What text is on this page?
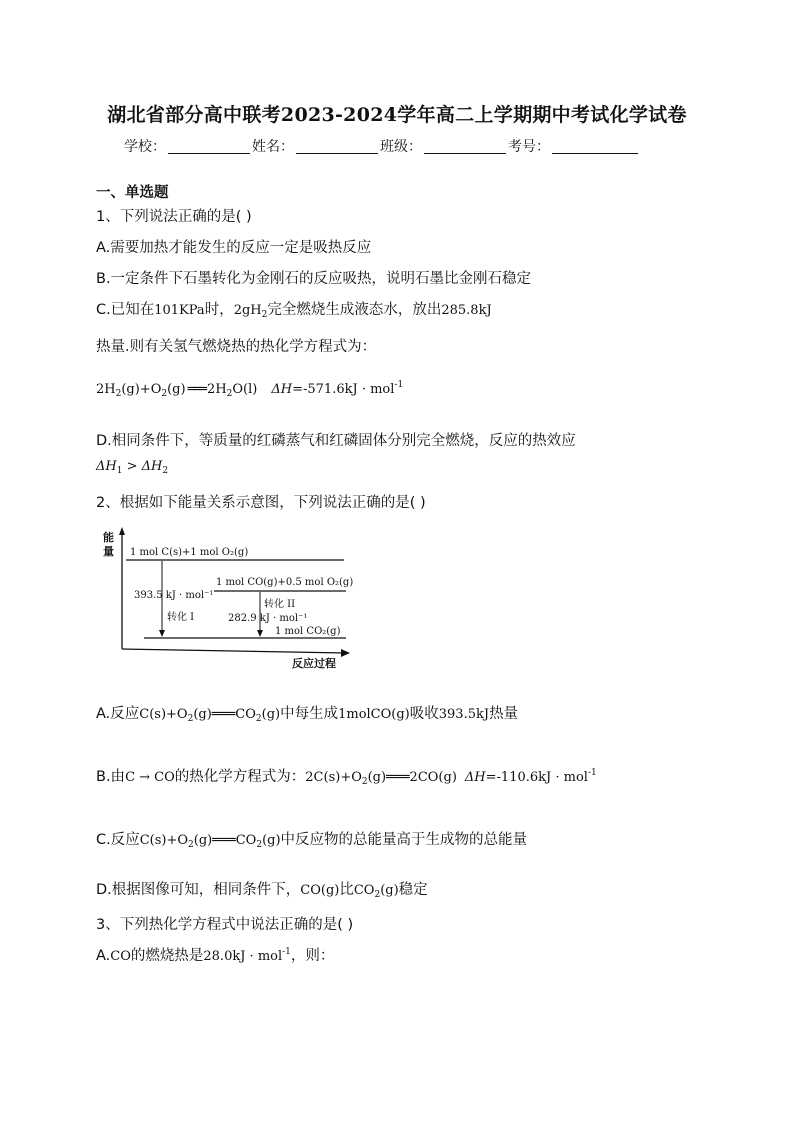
湖北省部分高中联考2023-2024学年高二上学期期中考试化学试卷
学校：	姓名：	班级：	考号：
一、单选题
1、下列说法正确的是( )
A.需要加热才能发生的反应一定是吸热反应
B.一定条件下石墨转化为金刚石的反应吸热，说明石墨比金刚石稳定
C.已知在101KPa时，$2gH_2$完全燃烧生成液态水，放出285.8kJ
热量.则有关氢气燃烧热的热化学方程式为：
$2H_2(g)+O_2(g)$ ═══ $2H_2O(l) \Delta H=-571.6kJ \cdot mol^{-1}$
D.相同条件下，等质量的红磷蒸气和红磷固体分别完全燃烧，反应的热效应
$\Delta H_1 > \Delta H_2$
2、根据如下能量关系示意图，下列说法正确的是( )
能
量
反应过程
1 mol C(s)+1 mol O₂(g)
1 mol CO(g)+0.5 mol O₂(g)
1 mol CO₂(g)
393.5 kJ · mol⁻¹
转化 I
转化 II
282.9 kJ · mol⁻¹
A.反应$C(s)+O_2(g)═══CO_2(g)$中每生成1molCO(g)吸收393.5kJ热量
B.由C → CO的热化学方程式为：$2C(s)+O_2(g)═══2CO(g) \Delta H=-110.6kJ \cdot mol^{-1}$
C.反应$C(s)+O_2(g)═══CO_2(g)$中反应物的总能量高于生成物的总能量
D.根据图像可知，相同条件下，CO(g)比$CO_2(g)$稳定
3、下列热化学方程式中说法正确的是( )
A.CO的燃烧热是28.0kJ · mol$^{-1}$，则：
